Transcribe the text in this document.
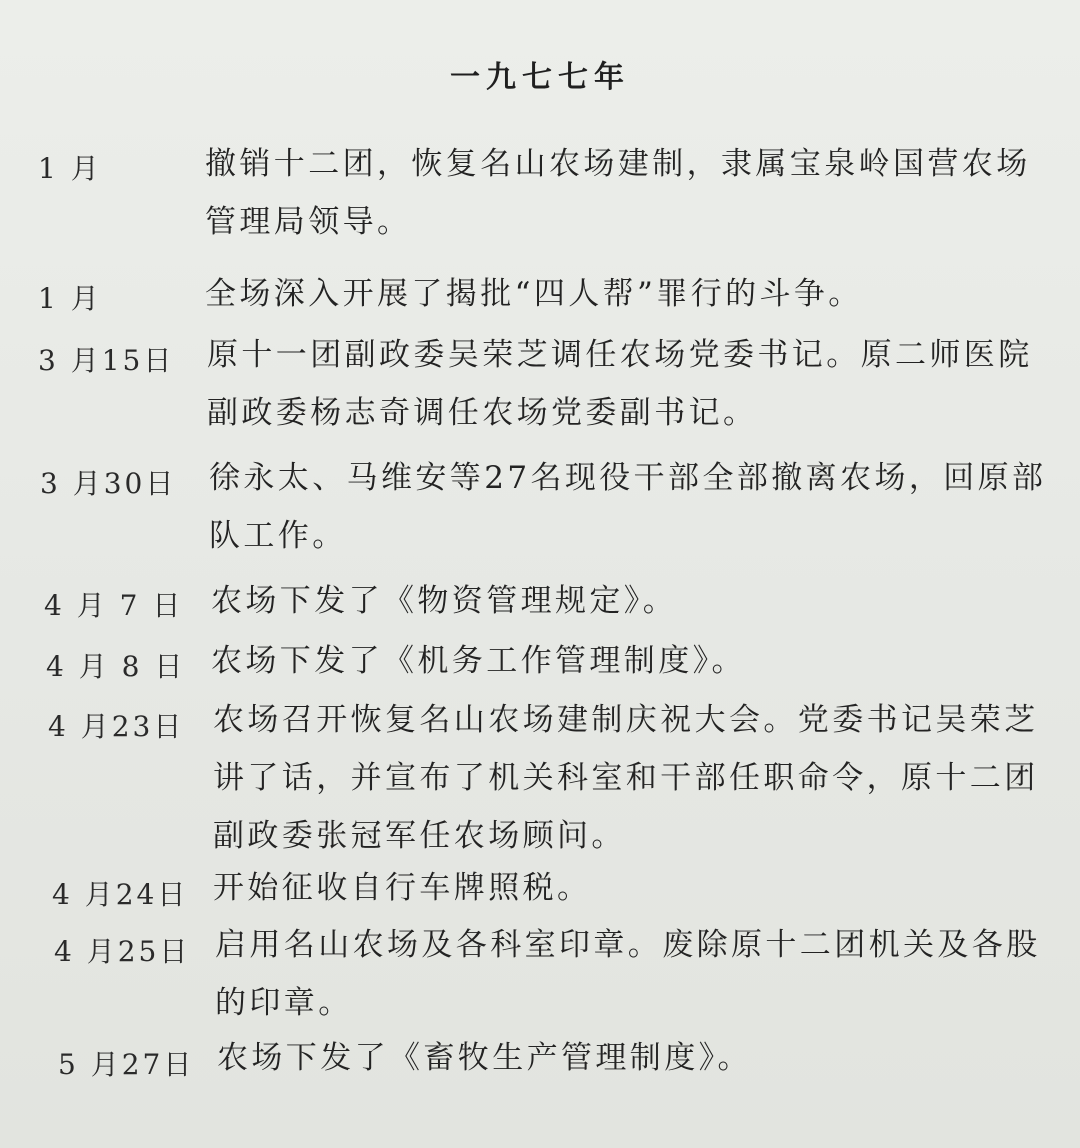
一九七七年
1 月	撤销十二团，恢复名山农场建制，隶属宝泉岭国营农场管理局领导。
1 月	全场深入开展了揭批“四人帮”罪行的斗争。
3 月15日 原十一团副政委吴荣芝调任农场党委书记。原二师医院副政委杨志奇调任农场党委副书记。
3 月30日 徐永太、马维安等27名现役干部全部撤离农场，回原部队工作。
4 月 7 日 农场下发了《物资管理规定》。
4 月 8 日 农场下发了《机务工作管理制度》。
4 月23日 农场召开恢复名山农场建制庆祝大会。党委书记吴荣芝讲了话，并宣布了机关科室和干部任职命令，原十二团副政委张冠军任农场顾问。
4 月24日 开始征收自行车牌照税。
4 月25日 启用名山农场及各科室印章。废除原十二团机关及各股的印章。
5 月27日 农场下发了《畜牧生产管理制度》。
